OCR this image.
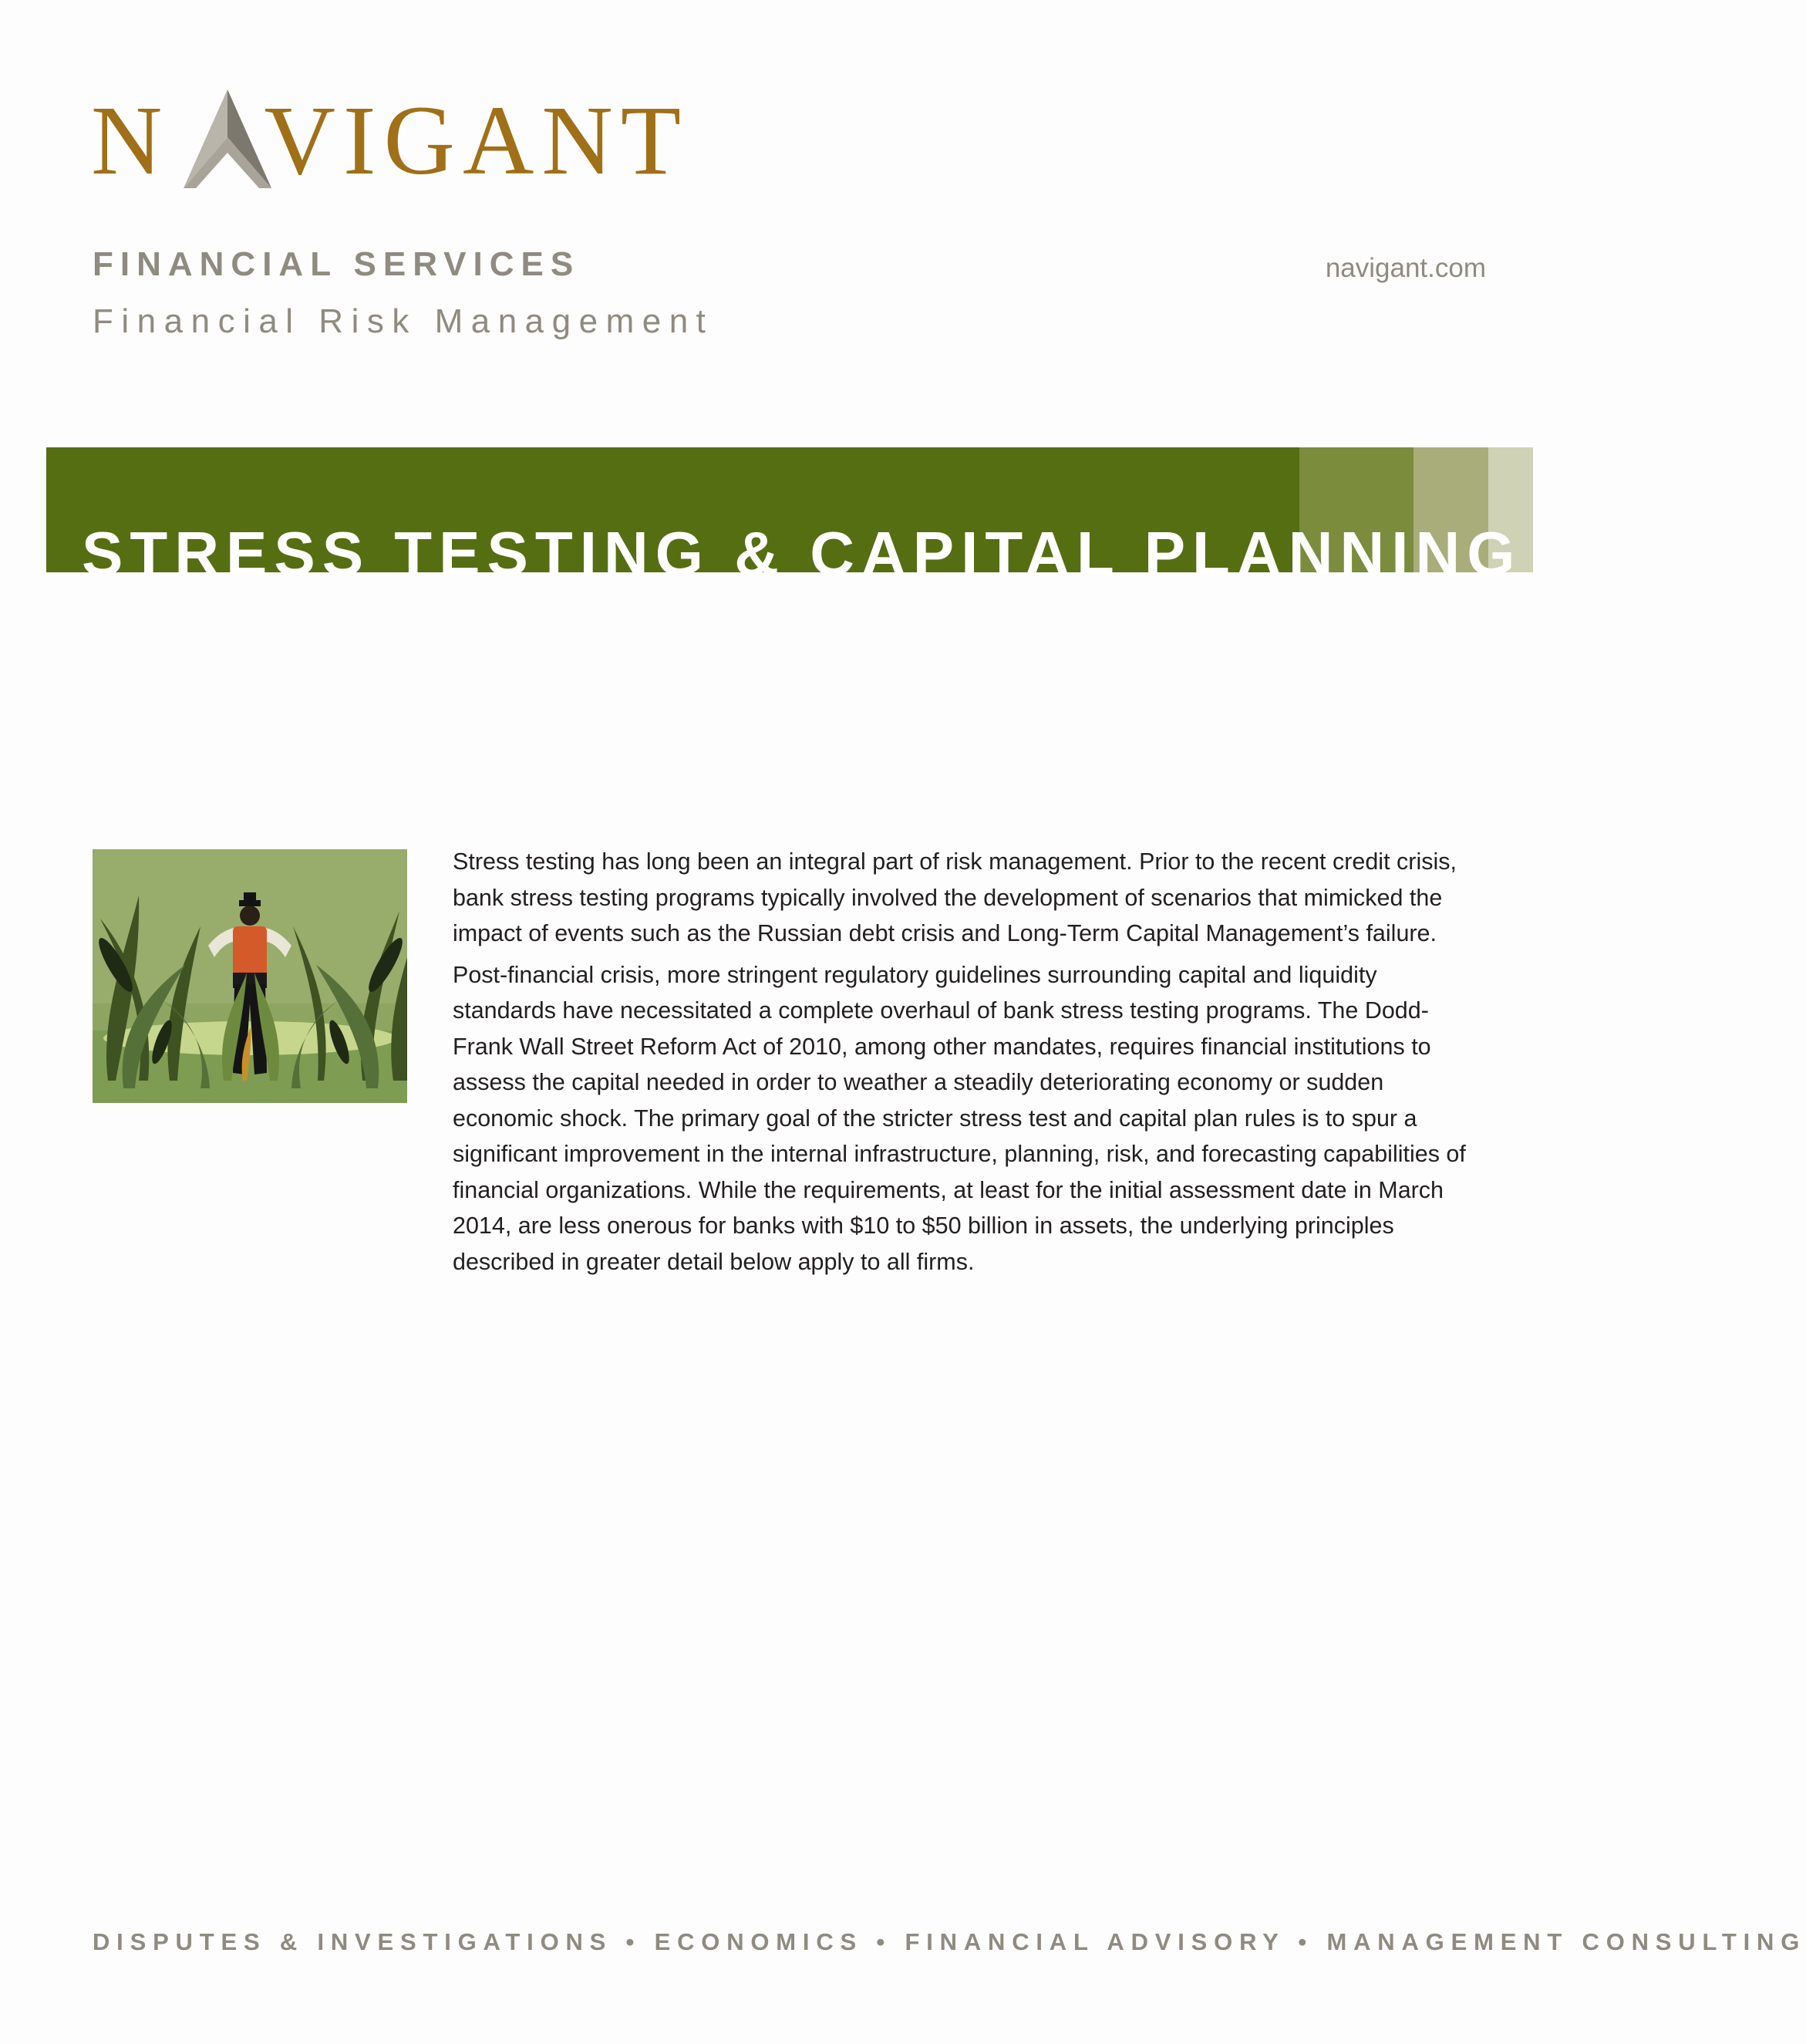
N VIGANT
FINANCIAL SERVICES
Financial Risk Management
navigant.com
STRESS TESTING & CAPITAL PLANNING

Stress testing has long been an integral part of risk management. Prior to the recent credit crisis, bank stress testing programs typically involved the development of scenarios that mimicked the impact of events such as the Russian debt crisis and Long-Term Capital Management’s failure.

Post-financial crisis, more stringent regulatory guidelines surrounding capital and liquidity standards have necessitated a complete overhaul of bank stress testing programs. The Dodd-Frank Wall Street Reform Act of 2010, among other mandates, requires financial institutions to assess the capital needed in order to weather a steadily deteriorating economy or sudden economic shock. The primary goal of the stricter stress test and capital plan rules is to spur a significant improvement in the internal infrastructure, planning, risk, and forecasting capabilities of financial organizations. While the requirements, at least for the initial assessment date in March 2014, are less onerous for banks with $10 to $50 billion in assets, the underlying principles described in greater detail below apply to all firms.

DISPUTES & INVESTIGATIONS • ECONOMICS • FINANCIAL ADVISORY • MANAGEMENT CONSULTING
